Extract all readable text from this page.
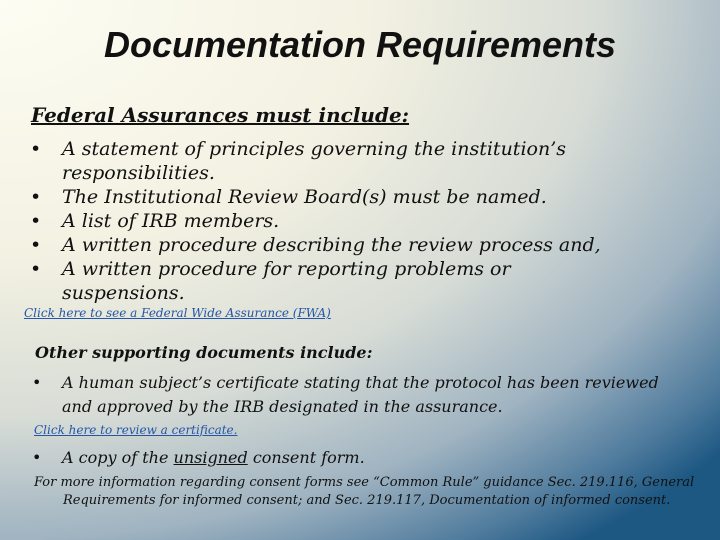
Documentation Requirements
Federal Assurances must include:
• A statement of principles governing the institution’s responsibilities.
• The Institutional Review Board(s) must be named.
• A list of IRB members.
• A written procedure describing the review process and,
• A written procedure for reporting problems or suspensions.
Click here to see a Federal Wide Assurance (FWA)
Other supporting documents include:
• A human subject’s certificate stating that the protocol has been reviewed and approved by the IRB designated in the assurance.
Click here to review a certificate.
• A copy of the unsigned consent form.
For more information regarding consent forms see “Common Rule” guidance Sec. 219.116, General
Requirements for informed consent; and Sec. 219.117, Documentation of informed consent.
